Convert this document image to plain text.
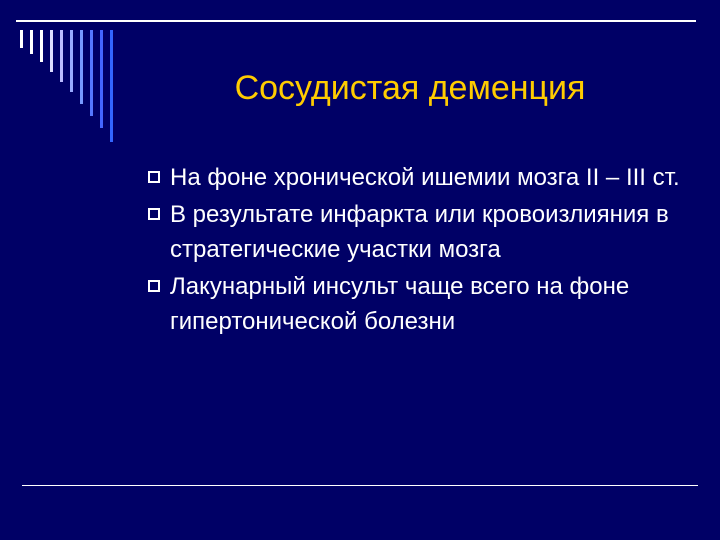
Сосудистая деменция
На фоне хронической ишемии мозга II – III ст.
В результате инфаркта или кровоизлияния в стратегические участки мозга
Лакунарный инсульт чаще всего на фоне гипертонической болезни
